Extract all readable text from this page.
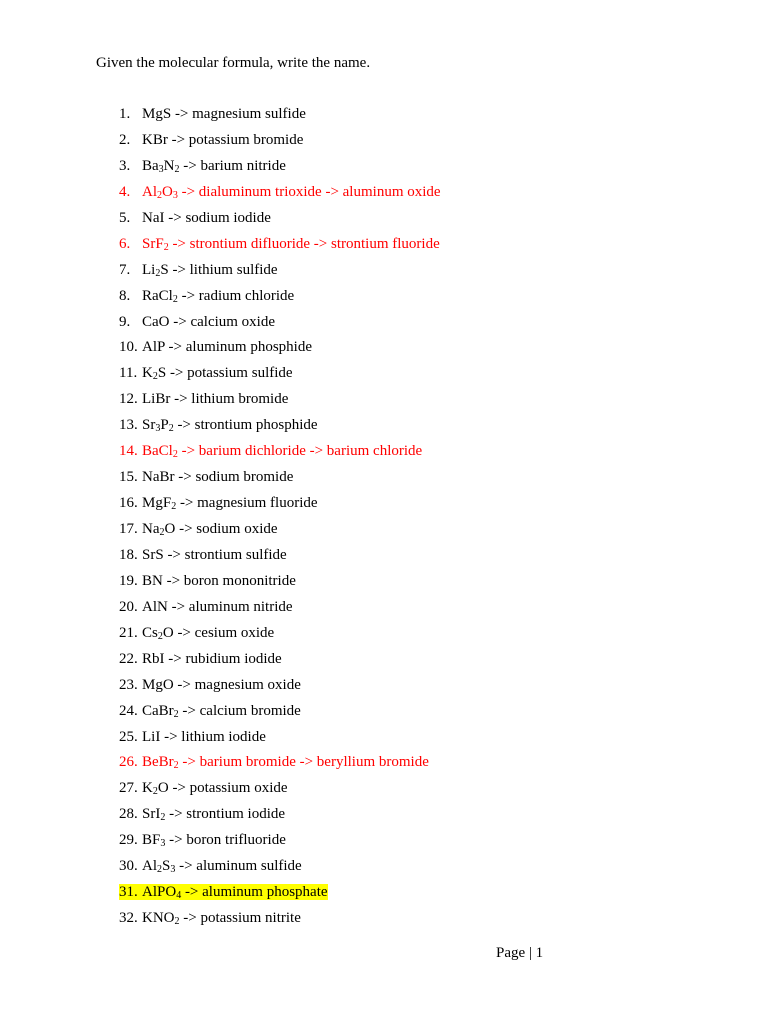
Given the molecular formula, write the name.

1. MgS -> magnesium sulfide
2. KBr -> potassium bromide
3. $Ba_3N_2$ -> barium nitride
4. $Al_2O_3$ -> dialuminum trioxide -> aluminum oxide
5. NaI -> sodium iodide
6. SrF$_2$ -> strontium difluoride -> strontium fluoride
7. $Li_2S$ -> lithium sulfide
8. RaCl$_2$ -> radium chloride
9. CaO -> calcium oxide
10. AlP -> aluminum phosphide
11. $K_2S$ -> potassium sulfide
12. LiBr -> lithium bromide
13. $Sr_3P_2$ -> strontium phosphide
14. BaCl$_2$ -> barium dichloride -> barium chloride
15. NaBr -> sodium bromide
16. MgF$_2$ -> magnesium fluoride
17. $Na_2O$ -> sodium oxide
18. SrS -> strontium sulfide
19. BN -> boron mononitride
20. AlN -> aluminum nitride
21. $Cs_2O$ -> cesium oxide
22. RbI -> rubidium iodide
23. MgO -> magnesium oxide
24. CaBr$_2$ -> calcium bromide
25. LiI -> lithium iodide
26. BeBr$_2$ -> barium bromide -> beryllium bromide
27. $K_2O$ -> potassium oxide
28. SrI$_2$ -> strontium iodide
29. $BF_3$ -> boron trifluoride
30. $Al_2S_3$ -> aluminum sulfide
31. AlPO$_4$ -> aluminum phosphate
32. $KNO_2$ -> potassium nitrite
Page | 1
